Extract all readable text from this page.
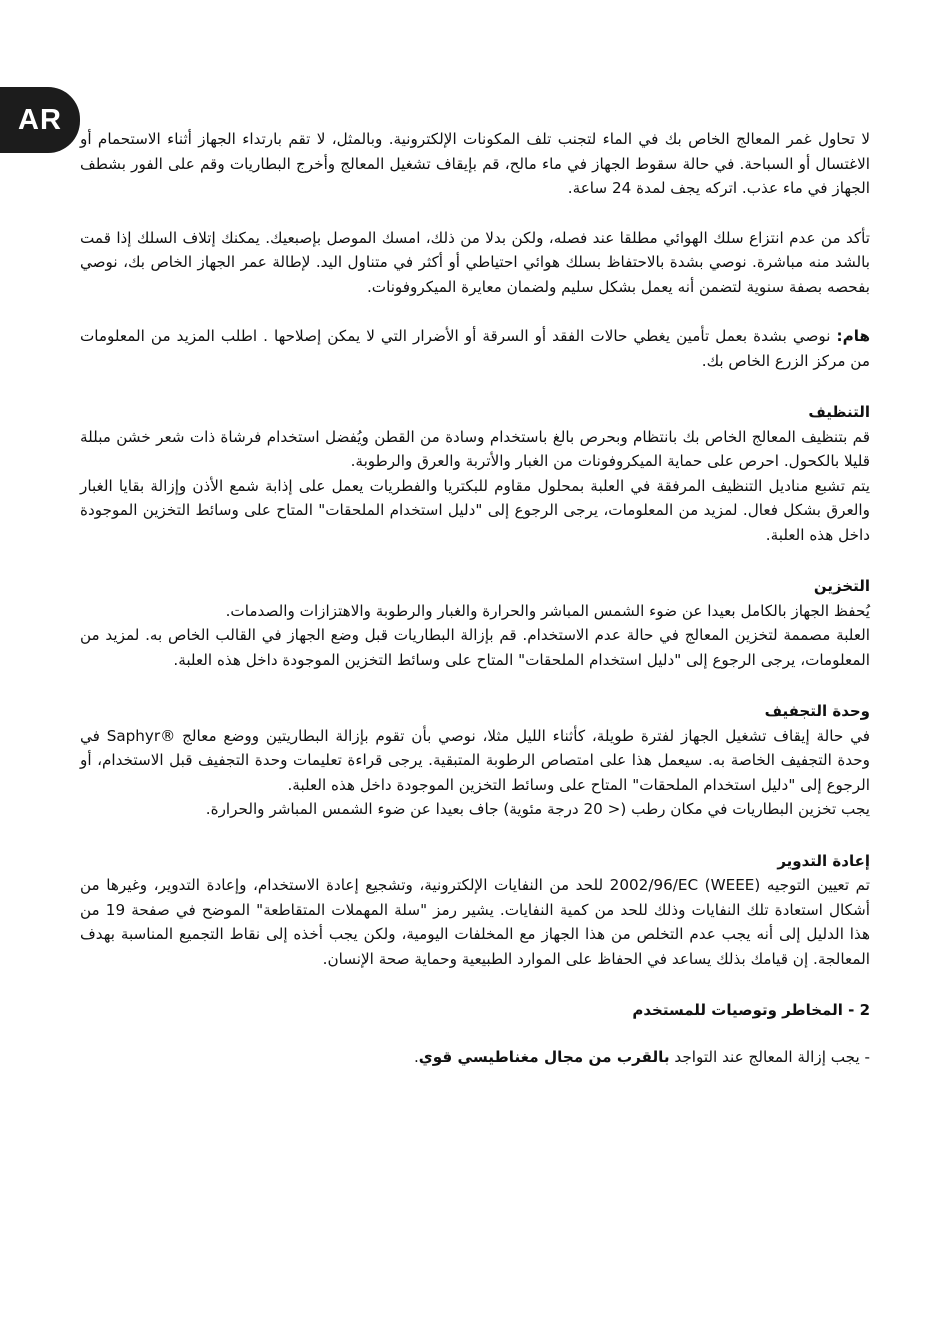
AR

لا تحاول غمر المعالج الخاص بك في الماء لتجنب تلف المكونات الإلكترونية. وبالمثل، لا تقم بارتداء الجهاز أثناء الاستحمام أو الاغتسال أو السباحة. في حالة سقوط الجهاز في ماء مالح، قم بإيقاف تشغيل المعالج وأخرج البطاريات وقم على الفور بشطف الجهاز في ماء عذب. اتركه يجف لمدة 24 ساعة.

تأكد من عدم انتزاع سلك الهوائي مطلقا عند فصله، ولكن بدلا من ذلك، امسك الموصل بإصبعيك. يمكنك إتلاف السلك إذا قمت بالشد منه مباشرة. نوصي بشدة بالاحتفاظ بسلك هوائي احتياطي أو أكثر في متناول اليد. لإطالة عمر الجهاز الخاص بك، نوصي بفحصه بصفة سنوية لتضمن أنه يعمل بشكل سليم ولضمان معايرة الميكروفونات.

هام: نوصي بشدة بعمل تأمين يغطي حالات الفقد أو السرقة أو الأضرار التي لا يمكن إصلاحها . اطلب المزيد من المعلومات من مركز الزرع الخاص بك.

التنظيف

قم بتنظيف المعالج الخاص بك بانتظام وبحرص بالغ باستخدام وسادة من القطن ويُفضل استخدام فرشاة ذات شعر خشن مبللة قليلا بالكحول. احرص على حماية الميكروفونات من الغبار والأتربة والعرق والرطوبة.

يتم تشبع مناديل التنظيف المرفقة في العلبة بمحلول مقاوم للبكتريا والفطريات يعمل على إذابة شمع الأذن وإزالة بقايا الغبار والعرق بشكل فعال. لمزيد من المعلومات، يرجى الرجوع إلى "دليل استخدام الملحقات" المتاح على وسائط التخزين الموجودة داخل هذه العلبة.

التخزين

يُحفظ الجهاز بالكامل بعيدا عن ضوء الشمس المباشر والحرارة والغبار والرطوبة والاهتزازات والصدمات.

العلبة مصممة لتخزين المعالج في حالة عدم الاستخدام. قم بإزالة البطاريات قبل وضع الجهاز في القالب الخاص به. لمزيد من المعلومات، يرجى الرجوع إلى "دليل استخدام الملحقات" المتاح على وسائط التخزين الموجودة داخل هذه العلبة.

وحدة التجفيف

في حالة إيقاف تشغيل الجهاز لفترة طويلة، كأثناء الليل مثلا، نوصي بأن تقوم بإزالة البطاريتين ووضع معالج ®Saphyr في وحدة التجفيف الخاصة به. سيعمل هذا على امتصاص الرطوبة المتبقية. يرجى قراءة تعليمات وحدة التجفيف قبل الاستخدام، أو الرجوع إلى "دليل استخدام الملحقات" المتاح على وسائط التخزين الموجودة داخل هذه العلبة.

يجب تخزين البطاريات في مكان رطب (< 20 درجة مئوية) جاف بعيدا عن ضوء الشمس المباشر والحرارة.

إعادة التدوير

تم تعيين التوجيه (WEEE) 2002/96/EC للحد من النفايات الإلكترونية، وتشجيع إعادة الاستخدام، وإعادة التدوير، وغيرها من أشكال استعادة تلك النفايات وذلك للحد من كمية النفايات. يشير رمز "سلة المهملات المتقاطعة" الموضح في صفحة 19 من هذا الدليل إلى أنه يجب عدم التخلص من هذا الجهاز مع المخلفات اليومية، ولكن يجب أخذه إلى نقاط التجميع المناسبة بهدف المعالجة. إن قيامك بذلك يساعد في الحفاظ على الموارد الطبيعية وحماية صحة الإنسان.

2 - المخاطر وتوصيات للمستخدم

- يجب إزالة المعالج عند التواجد بالقرب من مجال مغناطيسي قوي.
